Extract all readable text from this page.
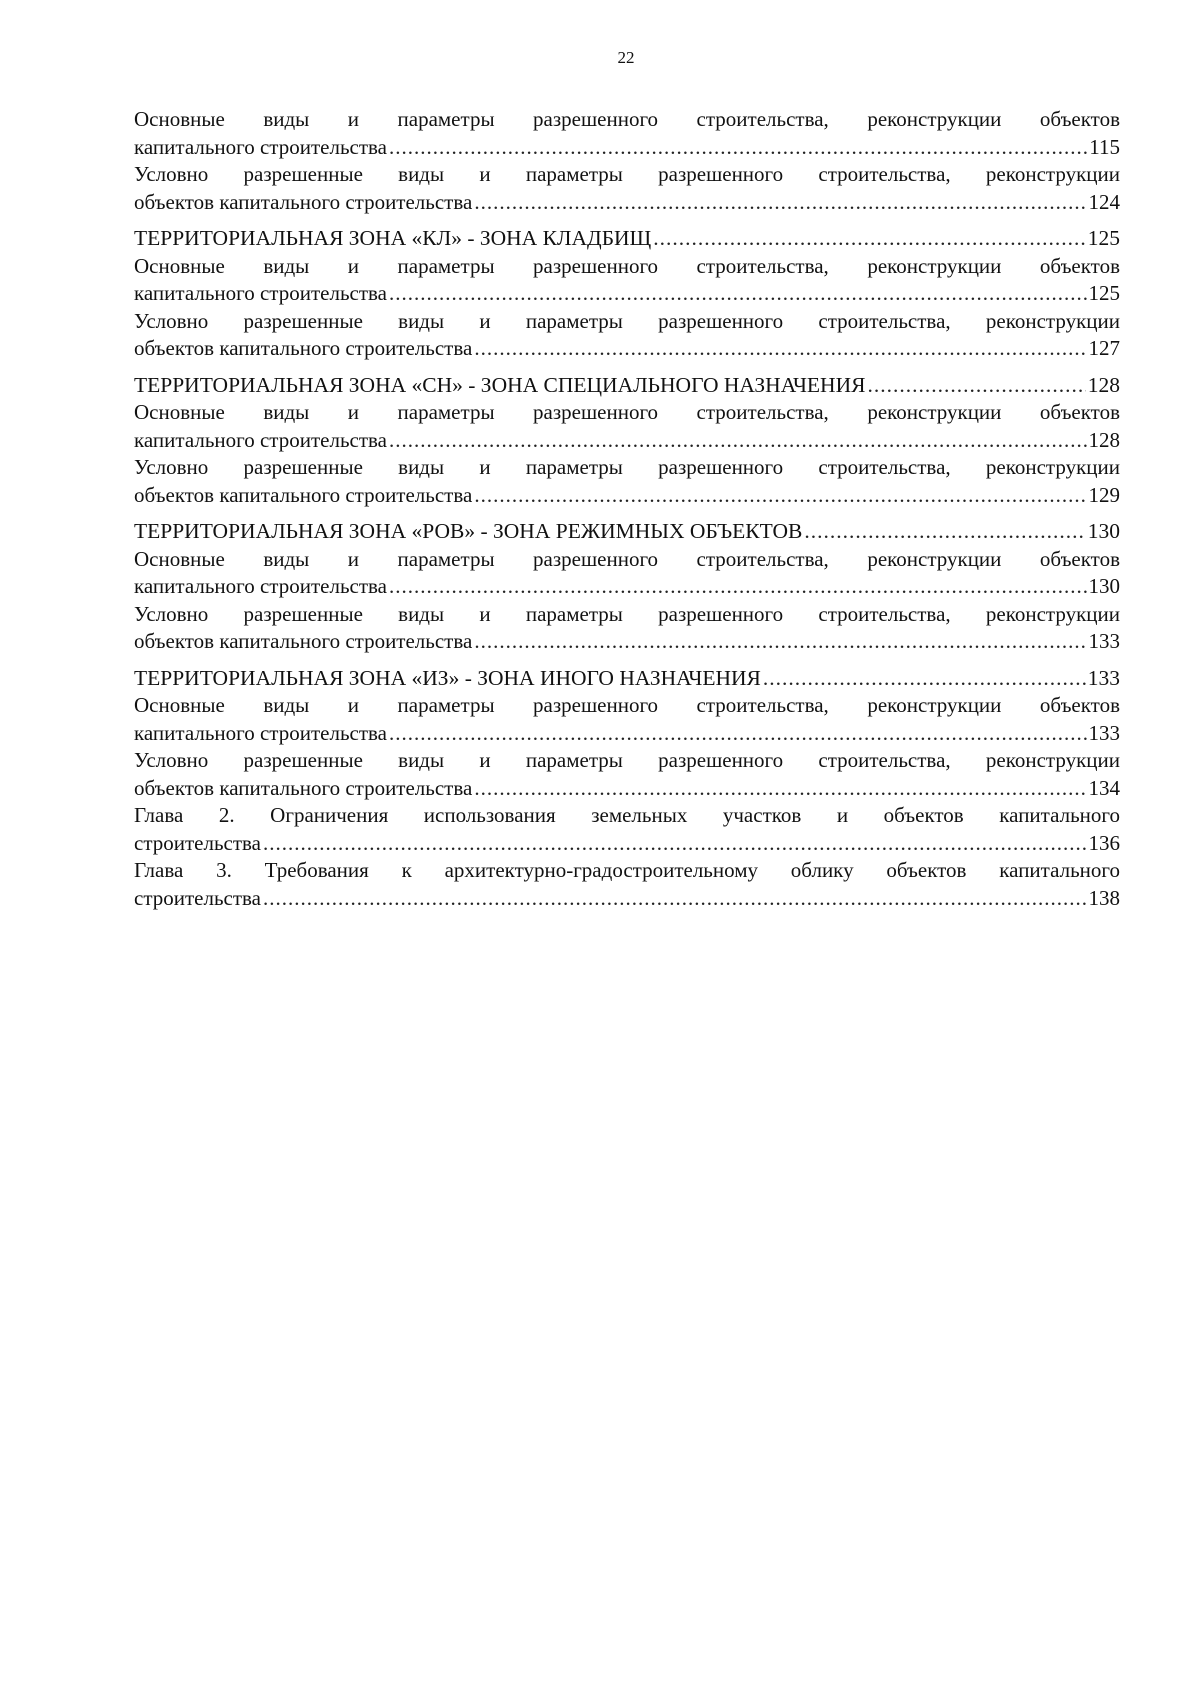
22
Основные виды и параметры разрешенного строительства, реконструкции объектов
капитального строительства .....	115
Условно разрешенные виды и параметры разрешенного строительства, реконструкции
объектов капитального строительства .....	124
ТЕРРИТОРИАЛЬНАЯ ЗОНА «КЛ» - ЗОНА КЛАДБИЩ .....	125
Основные виды и параметры разрешенного строительства, реконструкции объектов
капитального строительства .....	125
Условно разрешенные виды и параметры разрешенного строительства, реконструкции
объектов капитального строительства .....	127
ТЕРРИТОРИАЛЬНАЯ ЗОНА «СН» - ЗОНА СПЕЦИАЛЬНОГО НАЗНАЧЕНИЯ .....	128
Основные виды и параметры разрешенного строительства, реконструкции объектов
капитального строительства .....	128
Условно разрешенные виды и параметры разрешенного строительства, реконструкции
объектов капитального строительства .....	129
ТЕРРИТОРИАЛЬНАЯ ЗОНА «РОВ» - ЗОНА РЕЖИМНЫХ ОБЪЕКТОВ .....	130
Основные виды и параметры разрешенного строительства, реконструкции объектов
капитального строительства .....	130
Условно разрешенные виды и параметры разрешенного строительства, реконструкции
объектов капитального строительства .....	133
ТЕРРИТОРИАЛЬНАЯ ЗОНА «ИЗ» - ЗОНА ИНОГО НАЗНАЧЕНИЯ .....	133
Основные виды и параметры разрешенного строительства, реконструкции объектов
капитального строительства .....	133
Условно разрешенные виды и параметры разрешенного строительства, реконструкции
объектов капитального строительства .....	134
Глава 2. Ограничения использования земельных участков и объектов капитального
строительства .....	136
Глава 3. Требования к архитектурно-градостроительному облику объектов капитального
строительства .....	138
